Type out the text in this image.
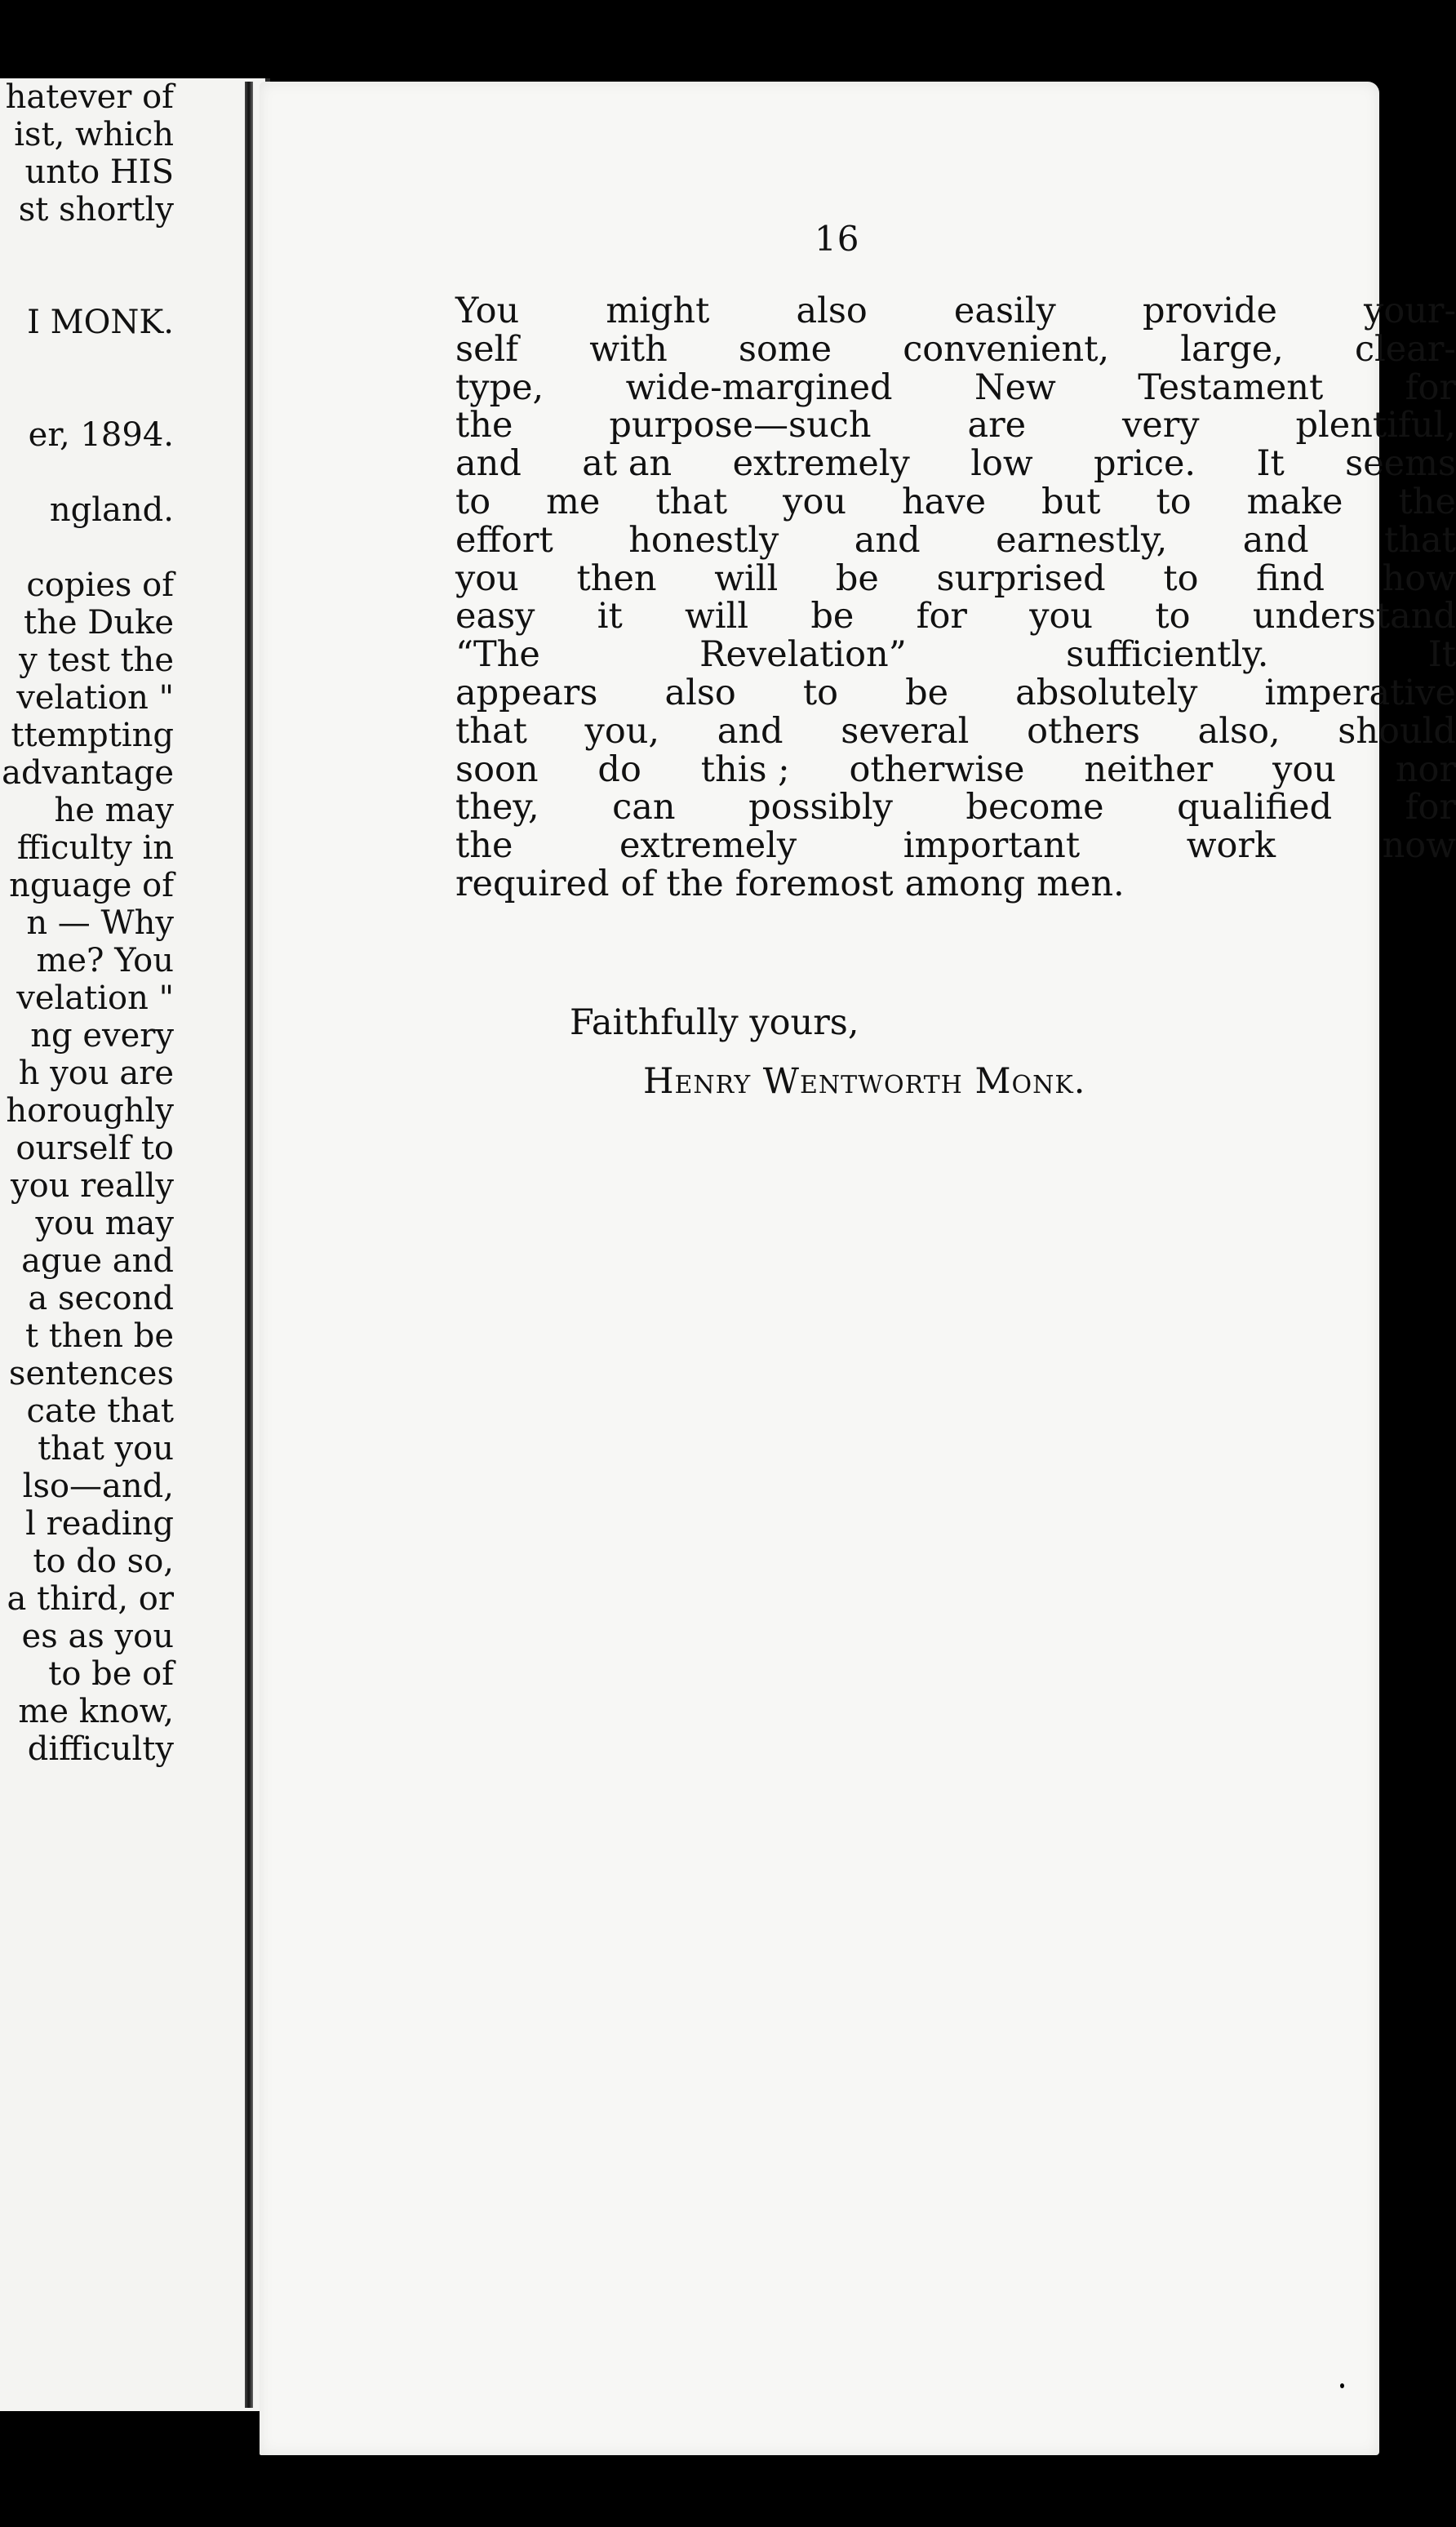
hatever of
ist, which
unto HIS
st shortly
I MONK.
er, 1894.
ngland.
copies of
the Duke
y test the
velation "
ttempting
advantage
he may
fficulty in
nguage of
n — Why
me? You
velation "
ng every
h you are
horoughly
ourself to
you really
you may
ague and
a second
t then be
sentences
cate that
that you
lso—and,
l reading
to do so,
a third, or
es as you
to be of
me know,
difficulty
16
You might also easily provide your-
self with some convenient, large, clear-
type, wide-margined New Testament for
the	purpose—such	are	very	plentiful,
and at an extremely low price. It seems
to me that you have but to make the
effort honestly and earnestly, and that
you then will be surprised to find how
easy it will be for you to understand
“The	Revelation”	sufficiently.	It
appears also to be absolutely imperative
that you, and several others also, should
soon do this ; otherwise neither you nor
they, can possibly become qualified for
the	extremely	important	work	now
required of the foremost among men.
Faithfully yours,
Henry Wentworth Monk.
